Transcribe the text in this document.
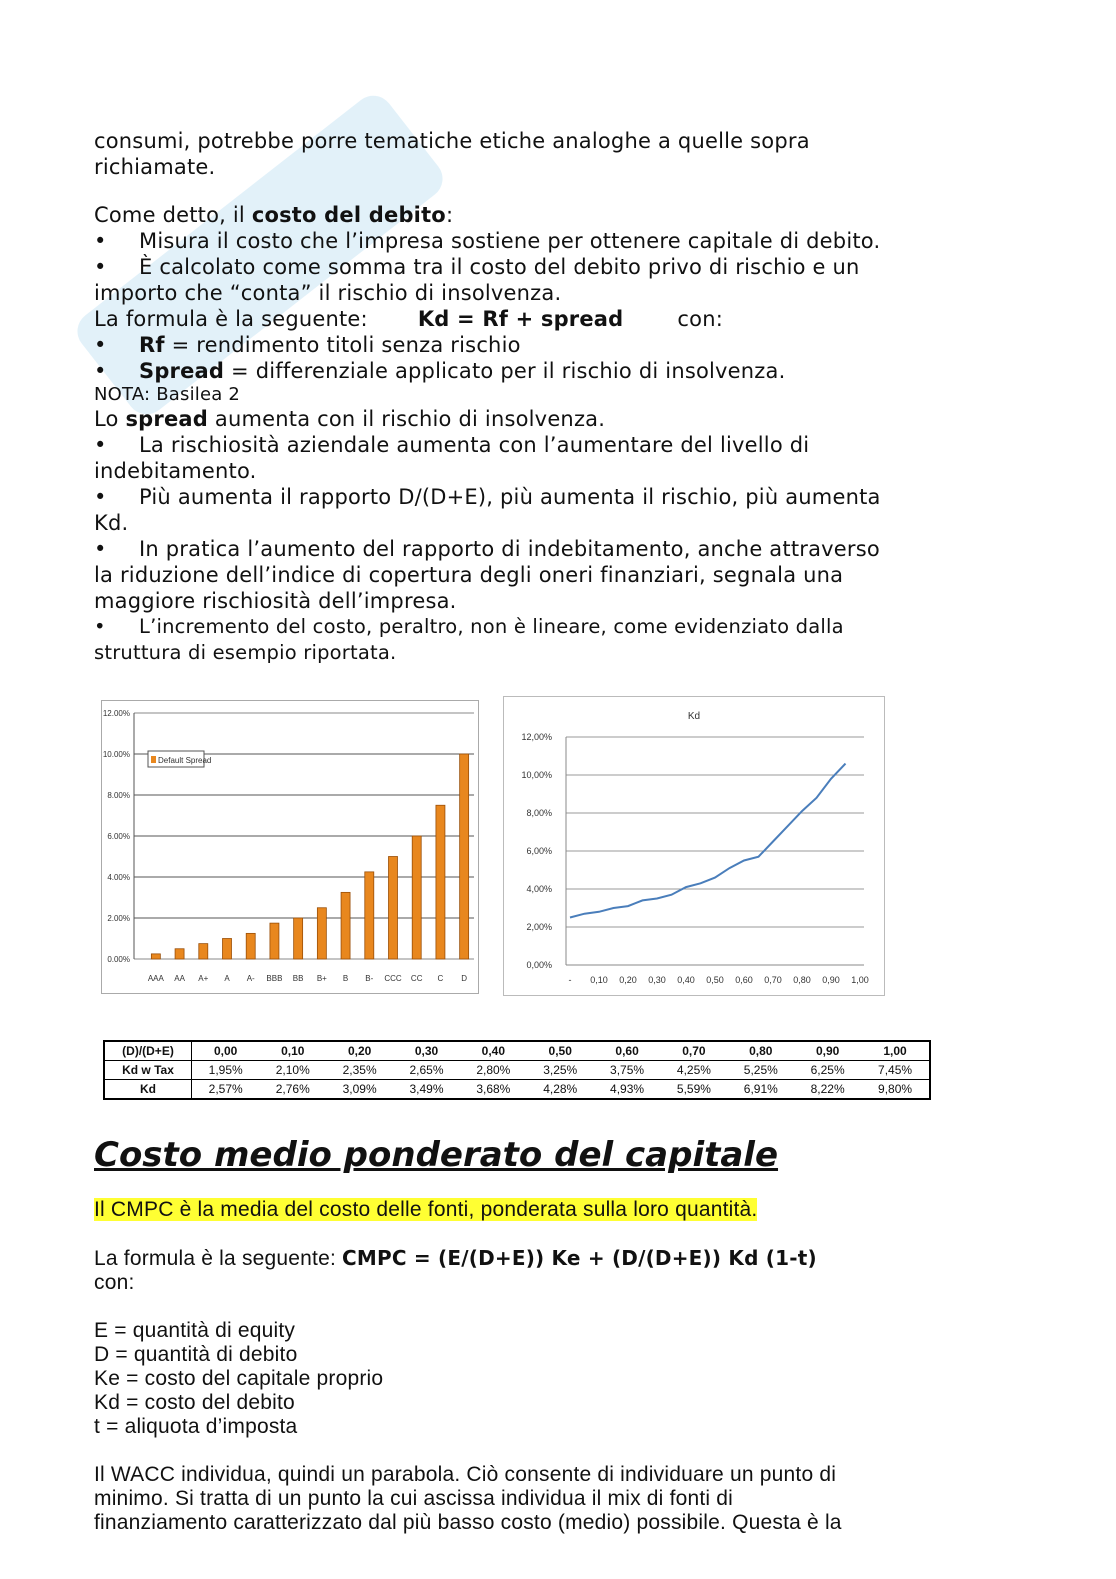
consumi, potrebbe porre tematiche etiche analoghe a quelle sopra
richiamate.
Come detto, il costo del debito:
• Misura il costo che l’impresa sostiene per ottenere capitale di debito.
• È calcolato come somma tra il costo del debito privo di rischio e un
importo che “conta” il rischio di insolvenza.
La formula è la seguente: Kd = Rf + spread	con:
• Rf = rendimento titoli senza rischio
• Spread = differenziale applicato per il rischio di insolvenza.
NOTA: Basilea 2
Lo spread aumenta con il rischio di insolvenza.
• La rischiosità aziendale aumenta con l’aumentare del livello di
indebitamento.
• Più aumenta il rapporto D/(D+E), più aumenta il rischio, più aumenta
Kd.
• In pratica l’aumento del rapporto di indebitamento, anche attraverso
la riduzione dell’indice di copertura degli oneri finanziari, segnala una
maggiore rischiosità dell’impresa.
• L’incremento del costo, peraltro, non è lineare, come evidenziato dalla
struttura di esempio riportata.
0.00%
2.00%
4.00%
6.00%
8.00%
10.00%
12.00%
AAA AA A+ A A- BBB BB B+ B B- CCC CC C D
Default Spread
Kd
0,00%
2,00%
4,00%
6,00%
8,00%
10,00%
12,00%
- 0,10 0,20 0,30 0,40 0,50 0,60 0,70 0,80 0,90 1,00
(D)/(D+E)	0,00	0,10	0,20	0,30	0,40	0,50	0,60	0,70	0,80	0,90	1,00
Kd w Tax	1,95%	2,10%	2,35%	2,65%	2,80%	3,25%	3,75%	4,25%	5,25%	6,25%	7,45%
Kd	2,57%	2,76%	3,09%	3,49%	3,68%	4,28%	4,93%	5,59%	6,91%	8,22%	9,80%
Costo medio ponderato del capitale
Il CMPC è la media del costo delle fonti, ponderata sulla loro quantità.
La formula è la seguente: CMPC = (E/(D+E)) Ke + (D/(D+E)) Kd (1-t)
con:
E = quantità di equity
D = quantità di debito
Ke = costo del capitale proprio
Kd = costo del debito
t = aliquota d’imposta
Il WACC individua, quindi un parabola. Ciò consente di individuare un punto di
minimo. Si tratta di un punto la cui ascissa individua il mix di fonti di
finanziamento caratterizzato dal più basso costo (medio) possibile. Questa è la
